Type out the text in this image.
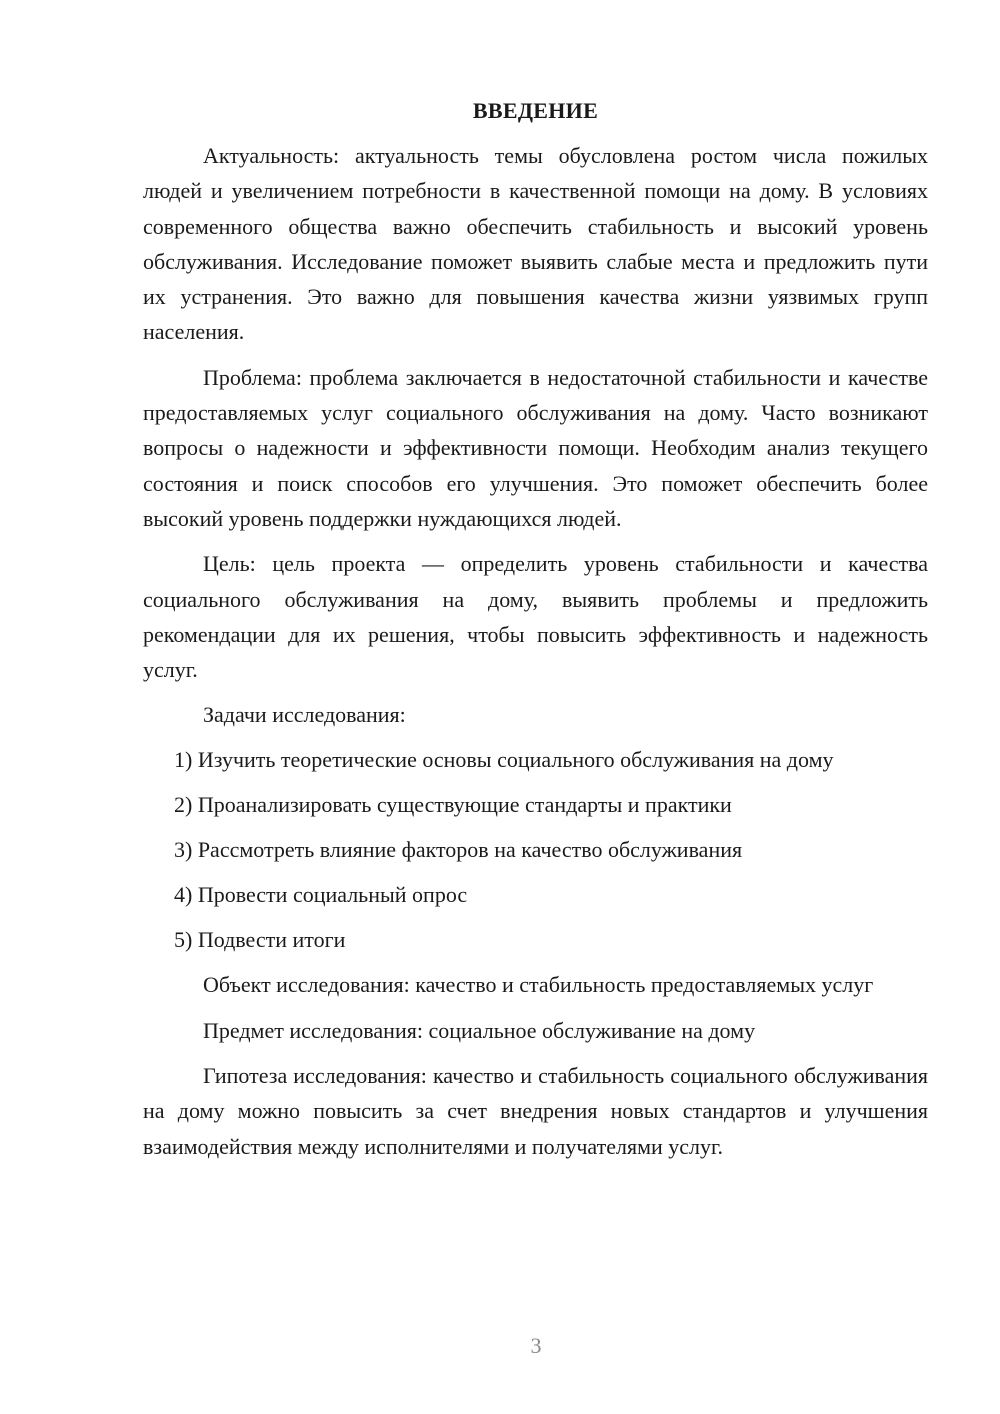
ВВЕДЕНИЕ

Актуальность: актуальность темы обусловлена ростом числа пожилых людей и увеличением потребности в качественной помощи на дому. В условиях современного общества важно обеспечить стабильность и высокий уровень обслуживания. Исследование поможет выявить слабые места и предложить пути их устранения. Это важно для повышения качества жизни уязвимых групп населения.

Проблема: проблема заключается в недостаточной стабильности и качестве предоставляемых услуг социального обслуживания на дому. Часто возникают вопросы о надежности и эффективности помощи. Необходим анализ текущего состояния и поиск способов его улучшения. Это поможет обеспечить более высокий уровень поддержки нуждающихся людей.

Цель: цель проекта — определить уровень стабильности и качества социального обслуживания на дому, выявить проблемы и предложить рекомендации для их решения, чтобы повысить эффективность и надежность услуг.

Задачи исследования:

1) Изучить теоретические основы социального обслуживания на дому
2) Проанализировать существующие стандарты и практики
3) Рассмотреть влияние факторов на качество обслуживания
4) Провести социальный опрос
5) Подвести итоги

Объект исследования: качество и стабильность предоставляемых услуг

Предмет исследования: социальное обслуживание на дому

Гипотеза исследования: качество и стабильность социального обслуживания на дому можно повысить за счет внедрения новых стандартов и улучшения взаимодействия между исполнителями и получателями услуг.

3
